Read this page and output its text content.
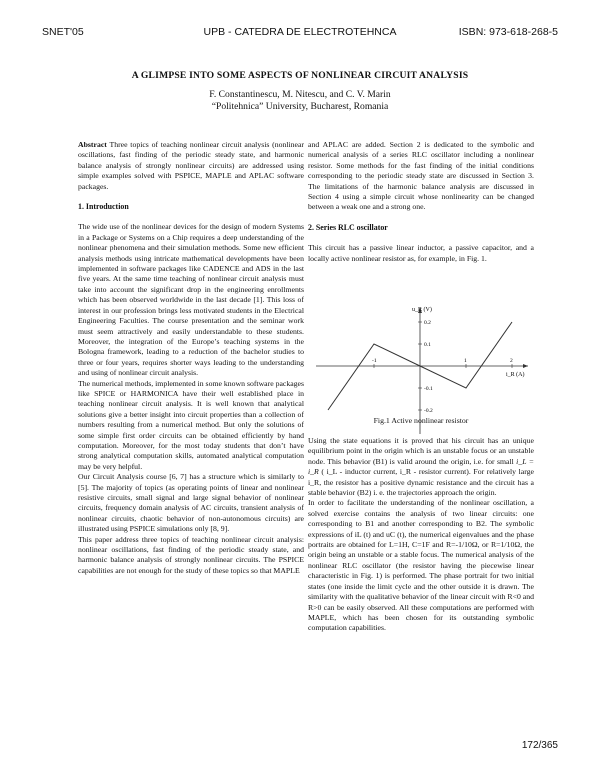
SNET'05	UPB - CATEDRA DE ELECTROTEHNCA	ISBN: 973-618-268-5
A GLIMPSE INTO SOME ASPECTS OF NONLINEAR CIRCUIT ANALYSIS
F. Constantinescu, M. Nitescu, and C. V. Marin
“Politehnica” University, Bucharest, Romania

Abstract Three topics of teaching nonlinear circuit analysis (nonlinear oscillations, fast finding of the periodic steady state, and harmonic balance analysis of strongly nonlinear circuits) are addressed using simple examples solved with PSPICE, MAPLE and APLAC software packages.

1. Introduction

The wide use of the nonlinear devices for the design of modern Systems in a Package or Systems on a Chip requires a deep understanding of the nonlinear phenomena and their simulation methods. Some new efficient analysis methods using intricate mathematical developments have been implemented in software packages like CADENCE and ADS in the last five years. At the same time teaching of nonlinear circuit analysis must take into account the significant drop in the engineering enrollments which has been observed worldwide in the last decade [1]. This loss of interest in our profession brings less motivated students in the Electrical Engineering Faculties. The course presentation and the seminar work must seem attractively and easily understandable to these students. Moreover, the integration of the Europe’s teaching systems in the Bologna framework, leading to a reduction of the bachelor studies to three or four years, requires shorter ways leading to the understanding and using of nonlinear circuit analysis.

The numerical methods, implemented in some known software packages like SPICE or HARMONICA have their well established place in teaching nonlinear circuit analysis. It is well known that analytical solutions give a better insight into circuit properties than a collection of numbers resulting from a numerical method. But only the solutions of some simple first order circuits can be obtained efficiently by hand computation. Moreover, for the most today students that don’t have strong analytical computation skills, automated analytical computation may be very helpful.

Our Circuit Analysis course [6, 7] has a structure which is similarly to [5]. The majority of topics (as operating points of linear and nonlinear resistive circuits, small signal and large signal behavior of nonlinear circuits, frequency domain analysis of AC circuits, transient analysis of nonlinear circuits, chaotic behavior of non-autonomous circuits) are illustrated using PSPICE simulations only [8, 9].

This paper address three topics of teaching nonlinear circuit analysis: nonlinear oscillations, fast finding of the periodic steady state, and harmonic balance analysis of strongly nonlinear circuits. The PSPICE capabilities are not enough for the study of these topics so that MAPLE

and APLAC are added. Section 2 is dedicated to the symbolic and numerical analysis of a series RLC oscillator including a nonlinear resistor. Some methods for the fast finding of the initial conditions corresponding to the periodic steady state are discussed in Section 3. The limitations of the harmonic balance analysis are discussed in Section 4 using a simple circuit whose nonlinearity can be changed between a weak one and a strong one.

2. Series RLC oscillator

This circuit has a passive linear inductor, a passive capacitor, and a locally active nonlinear resistor as, for example, in Fig. 1.

u_R (V)
i_R (A)
0.2
0.1
-0.1
-0.2
-1	1	2
Fig.1 Active nonlinear resistor

Using the state equations it is proved that his circuit has an unique equilibrium point in the origin which is an unstable focus or an unstable node. This behavior (B1) is valid around the origin, i.e. for small i_L = i_R ( i_L - inductor current, i_R - resistor current). For relatively large i_R, the resistor has a positive dynamic resistance and the circuit has a stable behavior (B2) i. e. the trajectories approach the origin.

In order to facilitate the understanding of the nonlinear oscillation, a solved exercise contains the analysis of two linear circuits: one corresponding to B1 and another corresponding to B2. The symbolic expressions of iL (t) and uC (t), the numerical eigenvalues and the phase portraits are obtained for L=1H, C=1F and R=-1/10Ω, or R=1/10Ω, the origin being an unstable or a stable focus. The numerical analysis of the nonlinear RLC oscillator (the resistor having the piecewise linear characteristic in Fig. 1) is performed. The phase portrait for two initial states (one inside the limit cycle and the other outside it is drawn. The similarity with the qualitative behavior of the linear circuit with R<0 and R>0 can be easily observed. All these computations are performed with MAPLE, which has been chosen for its outstanding symbolic computation capabilities.

172/365
